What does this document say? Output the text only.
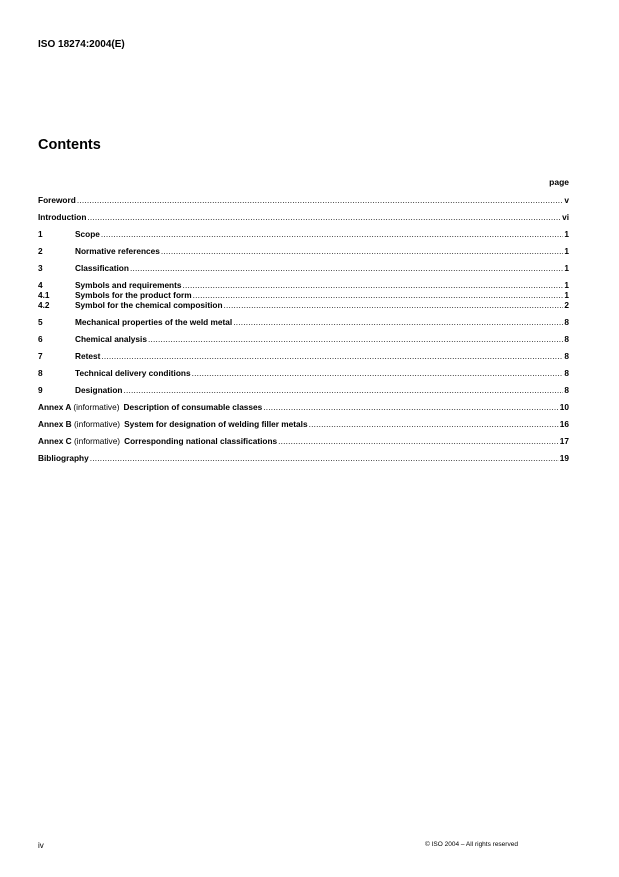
ISO 18274:2004(E)
Contents
page
Foreword .....	v
Introduction .....	vi
1	Scope .....	1
2	Normative references .....	1
3	Classification .....	1
4	Symbols and requirements .....	1
4.1	Symbols for the product form .....	1
4.2	Symbol for the chemical composition .....	2
5	Mechanical properties of the weld metal .....	8
6	Chemical analysis .....	8
7	Retest .....	8
8	Technical delivery conditions .....	8
9	Designation .....	8
Annex A (informative) Description of consumable classes .....	10
Annex B (informative) System for designation of welding filler metals .....	16
Annex C (informative) Corresponding national classifications .....	17
Bibliography .....	19
iv	© ISO 2004 – All rights reserved
